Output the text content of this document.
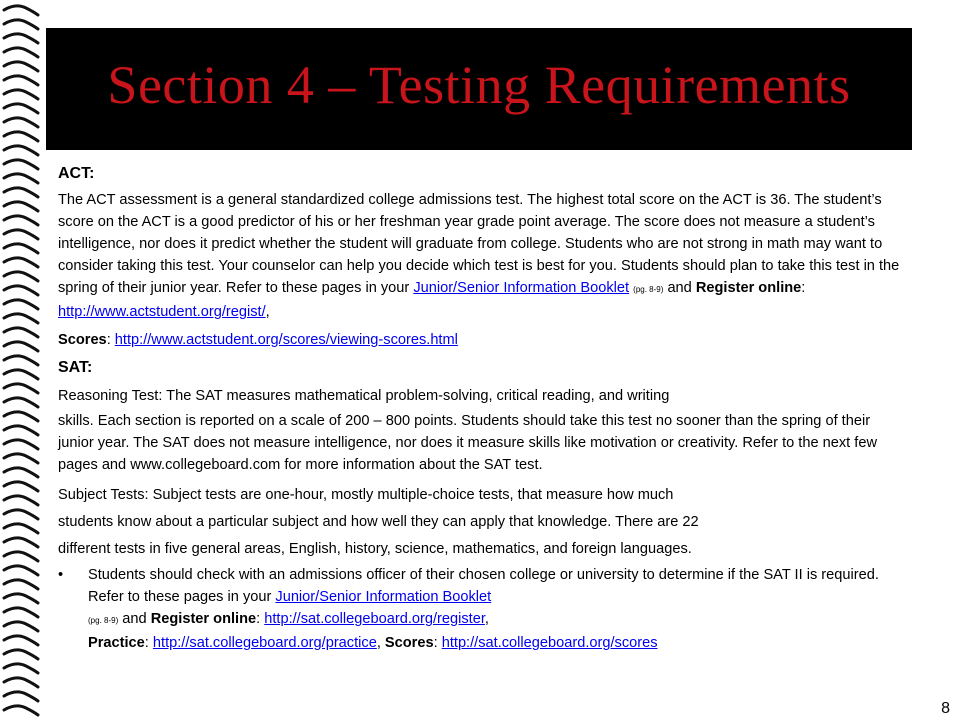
Section 4 – Testing Requirements
ACT:

The ACT assessment is a general standardized college admissions test. The highest total score on the ACT is 36. The student’s score on the ACT is a good predictor of his or her freshman year grade point average. The score does not measure a student’s intelligence, nor does it predict whether the student will graduate from college. Students who are not strong in math may want to consider taking this test. Your counselor can help you decide which test is best for you. Students should plan to take this test in the spring of their junior year. Refer to these pages in your Junior/Senior Information Booklet (pg. 8-9) and Register online: http://www.actstudent.org/regist/,

Scores: http://www.actstudent.org/scores/viewing-scores.html

SAT:

Reasoning Test: The SAT measures mathematical problem-solving, critical reading, and writing

skills. Each section is reported on a scale of 200 – 800 points. Students should take this test no sooner than the spring of their junior year. The SAT does not measure intelligence, nor does it measure skills like motivation or creativity. Refer to the next few pages and www.collegeboard.com for more information about the SAT test.

Subject Tests: Subject tests are one-hour, mostly multiple-choice tests, that measure how much

students know about a particular subject and how well they can apply that knowledge. There are 22

different tests in five general areas, English, history, science, mathematics, and foreign languages.

•	Students should check with an admissions officer of their chosen college or university to determine if the SAT II is required. Refer to these pages in your Junior/Senior Information Booklet
(pg. 8-9) and Register online: http://sat.collegeboard.org/register,
Practice: http://sat.collegeboard.org/practice, Scores: http://sat.collegeboard.org/scores
8
